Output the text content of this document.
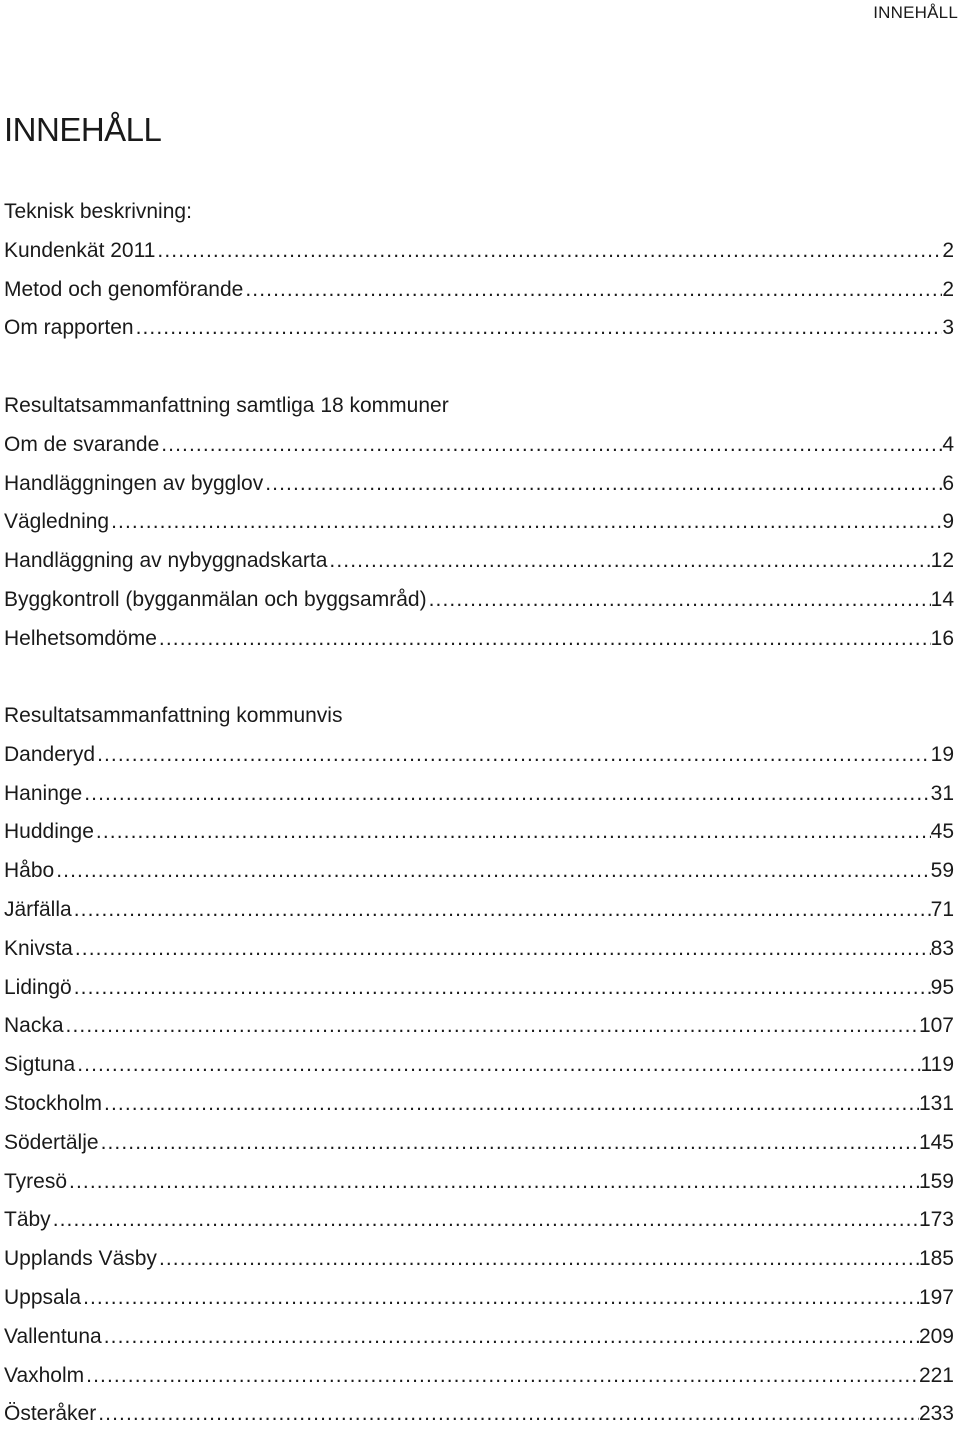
INNEHÅLL
INNEHÅLL
Teknisk beskrivning:
Kundenkät 2011 .....	2
Metod och genomförande .....	2
Om rapporten .....	3
Resultatsammanfattning samtliga 18 kommuner
Om de svarande .....	4
Handläggningen av bygglov .....	6
Vägledning .....	9
Handläggning av nybyggnadskarta .....	12
Byggkontroll (bygganmälan och byggsamråd) .....	14
Helhetsomdöme .....	16
Resultatsammanfattning kommunvis
Danderyd .....	19
Haninge .....	31
Huddinge .....	45
Håbo .....	59
Järfälla .....	71
Knivsta .....	83
Lidingö .....	95
Nacka .....	107
Sigtuna .....	119
Stockholm .....	131
Södertälje .....	145
Tyresö .....	159
Täby .....	173
Upplands Väsby .....	185
Uppsala .....	197
Vallentuna .....	209
Vaxholm .....	221
Österåker .....	233
